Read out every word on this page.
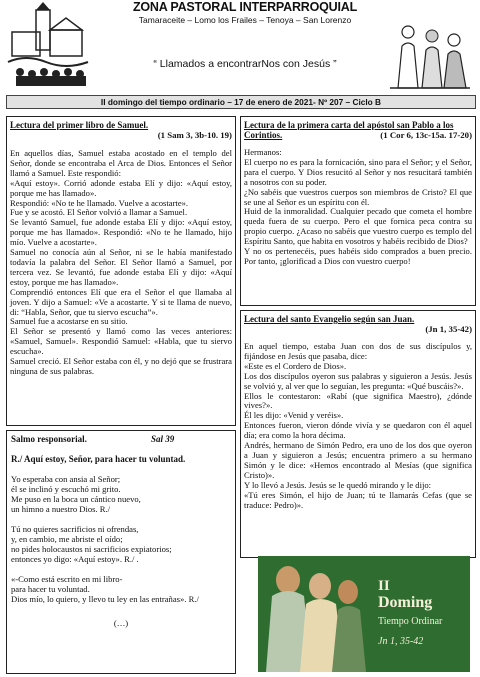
ZONA PASTORAL INTERPARROQUIAL
Tamaraceite – Lomo los Frailes – Tenoya – San Lorenzo
“ Llamados a encontrarNos con Jesús ”
II domingo del tiempo ordinario – 17 de enero de 2021- Nº 207 – Ciclo B
Lectura del primer libro de Samuel.
(1 Sam 3, 3b-10. 19)

En aquellos días, Samuel estaba acostado en el templo del Señor, donde se encontraba el Arca de Dios. Entonces el Señor llamó a Samuel. Este respondió:

«Aquí estoy». Corrió adonde estaba Elí y dijo: «Aquí estoy, porque me has llamado».

Respondió: «No te he llamado. Vuelve a acostarte».

Fue y se acostó. El Señor volvió a llamar a Samuel.

Se levantó Samuel, fue adonde estaba Elí y dijo: «Aquí estoy, porque me has llamado». Respondió: «No te he llamado, hijo mío. Vuelve a acostarte».

Samuel no conocía aún al Señor, ni se le había manifestado todavía la palabra del Señor. El Señor llamó a Samuel, por tercera vez. Se levantó, fue adonde estaba Elí y dijo: «Aquí estoy, porque me has llamado».

Comprendió entonces Elí que era el Señor el que llamaba al joven. Y dijo a Samuel: «Ve a acostarte. Y si te llama de nuevo, di: “Habla, Señor, que tu siervo escucha”».

Samuel fue a acostarse en su sitio.

El Señor se presentó y llamó como las veces anteriores: «Samuel, Samuel». Respondió Samuel: «Habla, que tu siervo escucha».

Samuel creció. El Señor estaba con él, y no dejó que se frustrara ninguna de sus palabras.

Lectura de la primera carta del apóstol san Pablo a los Corintios.	(1 Cor 6, 13c-15a. 17-20)

Hermanos:

El cuerpo no es para la fornicación, sino para el Señor; y el Señor, para el cuerpo. Y Dios resucitó al Señor y nos resucitará también a nosotros con su poder.

¿No sabéis que vuestros cuerpos son miembros de Cristo? El que se une al Señor es un espíritu con él.

Huid de la inmoralidad. Cualquier pecado que cometa el hombre queda fuera de su cuerpo. Pero el que fornica peca contra su propio cuerpo. ¿Acaso no sabéis que vuestro cuerpo es templo del Espíritu Santo, que habita en vosotros y habéis recibido de Dios?

Y no os pertenecéis, pues habéis sido comprados a buen precio. Por tanto, ¡glorificad a Dios con vuestro cuerpo!

Lectura del santo Evangelio según san Juan.
(Jn 1, 35-42)

En aquel tiempo, estaba Juan con dos de sus discípulos y, fijándose en Jesús que pasaba, dice:

«Este es el Cordero de Dios».

Los dos discípulos oyeron sus palabras y siguieron a Jesús. Jesús se volvió y, al ver que lo seguían, les pregunta: «Qué buscáis?».

Ellos le contestaron: «Rabí (que significa Maestro), ¿dónde vives?».

Él les dijo: «Venid y veréis».

Entonces fueron, vieron dónde vivía y se quedaron con él aquel día; era como la hora décima.

Andrés, hermano de Simón Pedro, era uno de los dos que oyeron a Juan y siguieron a Jesús; encuentra primero a su hermano Simón y le dice: «Hemos encontrado al Mesías (que significa Cristo)».

Y lo llevó a Jesús. Jesús se le quedó mirando y le dijo:

«Tú eres Simón, el hijo de Juan; tú te llamarás Cefas (que se traduce: Pedro)».

Salmo responsorial.	Sal 39
R./ Aquí estoy, Señor, para hacer tu voluntad.

Yo esperaba con ansia al Señor;

él se inclinó y escuchó mi grito.

Me puso en la boca un cántico nuevo,

un himno a nuestro Dios. R./

Tú no quieres sacrificios ni ofrendas,

y, en cambio, me abriste el oído;

no pides holocaustos ni sacrificios expiatorios;

entonces yo digo: «Aquí estoy». R./ .

«-Como está escrito en mi libro-

para hacer tu voluntad.

Dios mío, lo quiero, y llevo tu ley en las entrañas». R./

(…)

II
Doming
Tiempo Ordinar
Jn 1, 35-42
